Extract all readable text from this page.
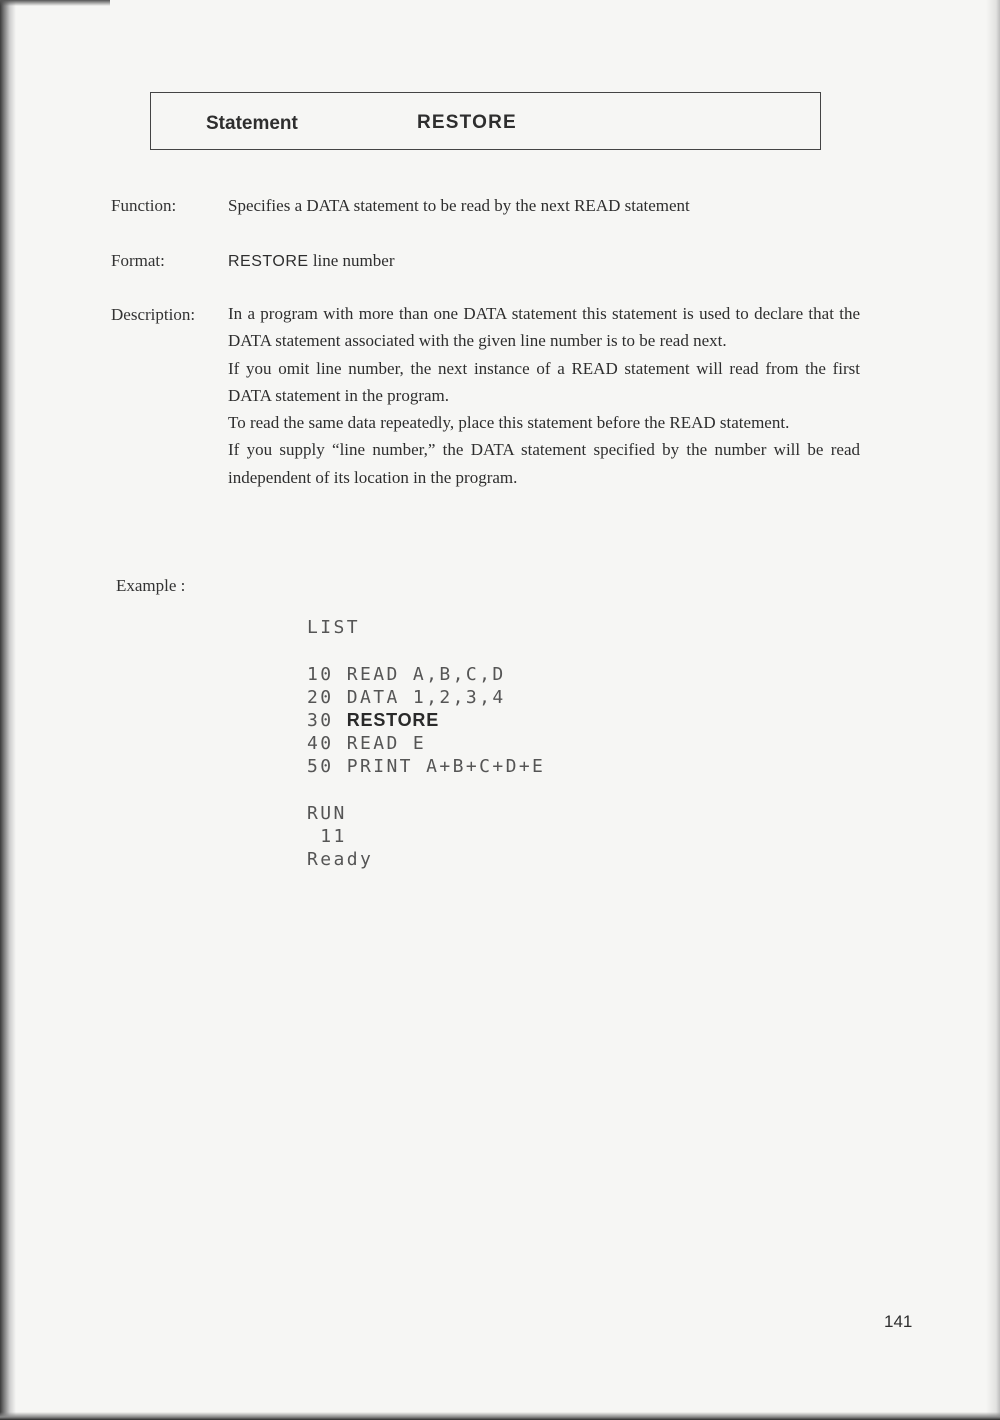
Statement	RESTORE
Function:	Specifies a DATA statement to be read by the next READ statement
Format:	RESTORE line number
Description: In a program with more than one DATA statement this statement is used to declare that the DATA statement associated with the given line number is to be read next.

If you omit line number, the next instance of a READ statement will read from the first DATA statement in the program.

To read the same data repeatedly, place this statement before the READ statement.

If you supply “line number,” the DATA statement specified by the number will be read independent of its location in the program.

Example :
LIST
10 READ A,B,C,D
20 DATA 1,2,3,4
30 RESTORE
40 READ E
50 PRINT A+B+C+D+E
RUN
11
Ready
141
